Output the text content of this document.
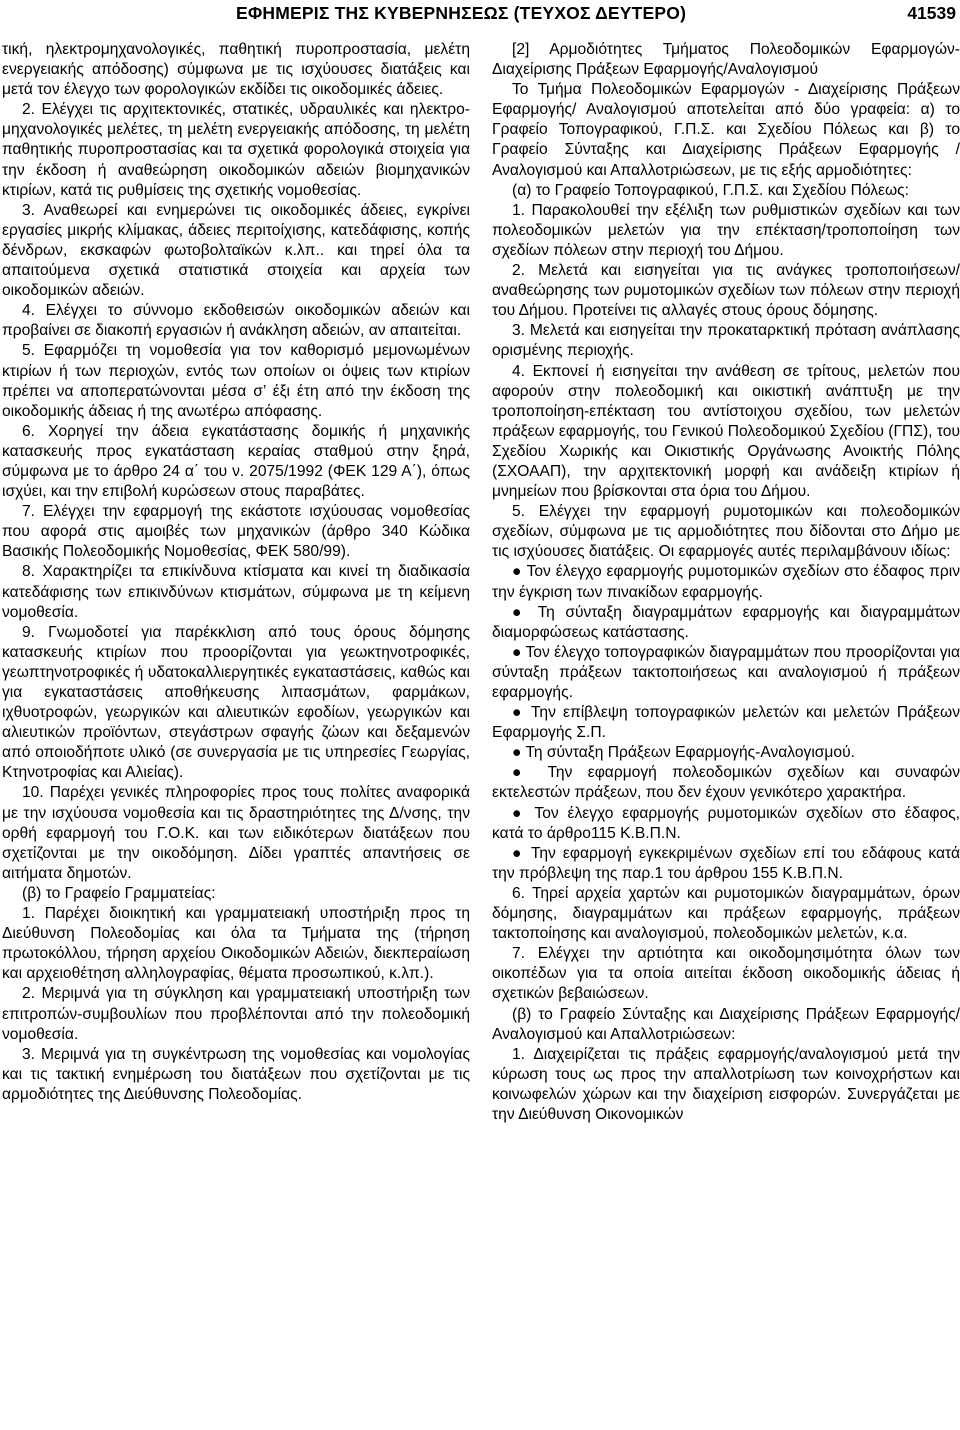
ΕΦΗΜΕΡΙΣ ΤΗΣ ΚΥΒΕΡΝΗΣΕΩΣ (ΤΕΥΧΟΣ ΔΕΥΤΕΡΟ)	41539

τική, ηλεκτρομηχανολογικές, παθητική πυροπροστασία, μελέτη ενεργειακής απόδοσης) σύμφωνα με τις ισχύουσες διατάξεις και μετά τον έλεγχο των φορολογικών εκδίδει τις οικοδομικές άδειες.

2. Ελέγχει τις αρχιτεκτονικές, στατικές, υδραυλικές και ηλεκτρο-μηχανολογικές μελέτες, τη μελέτη ενεργειακής απόδοσης, τη μελέτη παθητικής πυροπροστασίας και τα σχετικά φορολογικά στοιχεία για την έκδοση ή αναθεώρηση οικοδομικών αδειών βιομηχανικών κτιρίων, κατά τις ρυθμίσεις της σχετικής νομοθεσίας.

3. Αναθεωρεί και ενημερώνει τις οικοδομικές άδειες, εγκρίνει εργασίες μικρής κλίμακας, άδειες περιτοίχισης, κατεδάφισης, κοπής δένδρων, εκσκαφών φωτοβολταϊκών κ.λπ.. και τηρεί όλα τα απαιτούμενα σχετικά στατιστικά στοιχεία και αρχεία των οικοδομικών αδειών.

4. Ελέγχει το σύννομο εκδοθεισών οικοδομικών αδειών και προβαίνει σε διακοπή εργασιών ή ανάκληση αδειών, αν απαιτείται.

5. Εφαρμόζει τη νομοθεσία για τον καθορισμό μεμονωμένων κτιρίων ή των περιοχών, εντός των οποίων οι όψεις των κτιρίων πρέπει να αποπερατώνονται μέσα σ’ έξι έτη από την έκδοση της οικοδομικής άδειας ή της ανωτέρω απόφασης.

6. Χορηγεί την άδεια εγκατάστασης δομικής ή μηχανικής κατασκευής προς εγκατάσταση κεραίας σταθμού στην ξηρά, σύμφωνα με το άρθρο 24 α΄ του ν. 2075/1992 (ΦΕΚ 129 Α΄), όπως ισχύει, και την επιβολή κυρώσεων στους παραβάτες.

7. Ελέγχει την εφαρμογή της εκάστοτε ισχύουσας νομοθεσίας που αφορά στις αμοιβές των μηχανικών (άρθρο 340 Κώδικα Βασικής Πολεοδομικής Νομοθεσίας, ΦΕΚ 580/99).

8. Χαρακτηρίζει τα επικίνδυνα κτίσματα και κινεί τη διαδικασία κατεδάφισης των επικινδύνων κτισμάτων, σύμφωνα με τη κείμενη νομοθεσία.

9. Γνωμοδοτεί για παρέκκλιση από τους όρους δόμησης κατασκευής κτιρίων που προορίζονται για γεωκτηνοτροφικές, γεωπτηνοτροφικές ή υδατοκαλλιεργητικές εγκαταστάσεις, καθώς και για εγκαταστάσεις αποθήκευσης λιπασμάτων, φαρμάκων, ιχθυοτροφών, γεωργικών και αλιευτικών εφοδίων, γεωργικών και αλιευτικών προϊόντων, στεγάστρων σφαγής ζώων και δεξαμενών από οποιοδήποτε υλικό (σε συνεργασία με τις υπηρεσίες Γεωργίας, Κτηνοτροφίας και Αλιείας).

10. Παρέχει γενικές πληροφορίες προς τους πολίτες αναφορικά με την ισχύουσα νομοθεσία και τις δραστηριότητες της Δ/νσης, την ορθή εφαρμογή του Γ.Ο.Κ. και των ειδικότερων διατάξεων που σχετίζονται με την οικοδόμηση. Δίδει γραπτές απαντήσεις σε αιτήματα δημοτών.

(β) το Γραφείο Γραμματείας:

1. Παρέχει διοικητική και γραμματειακή υποστήριξη προς τη Διεύθυνση Πολεοδομίας και όλα τα Τμήματα της (τήρηση πρωτοκόλλου, τήρηση αρχείου Οικοδομικών Αδειών, διεκπεραίωση και αρχειοθέτηση αλληλογραφίας, θέματα προσωπικού, κ.λπ.).

2. Μεριμνά για τη σύγκληση και γραμματειακή υποστήριξη των επιτροπών-συμβουλίων που προβλέπονται από την πολεοδομική νομοθεσία.

3. Μεριμνά για τη συγκέντρωση της νομοθεσίας και νομολογίας και τις τακτική ενημέρωση του διατάξεων που σχετίζονται με τις αρμοδιότητες της Διεύθυνσης Πολεοδομίας.

[2] Αρμοδιότητες Τμήματος Πολεοδομικών Εφαρμογών-Διαχείρισης Πράξεων Εφαρμογής/Αναλογισμού

Το Τμήμα Πολεοδομικών Εφαρμογών - Διαχείρισης Πράξεων Εφαρμογής/ Αναλογισμού αποτελείται από δύο γραφεία: α) το Γραφείο Τοπογραφικού, Γ.Π.Σ. και Σχεδίου Πόλεως και β) το Γραφείο Σύνταξης και Διαχείρισης Πράξεων Εφαρμογής / Αναλογισμού και Απαλλοτριώσεων, με τις εξής αρμοδιότητες:

(α) το Γραφείο Τοπογραφικού, Γ.Π.Σ. και Σχεδίου Πόλεως:

1. Παρακολουθεί την εξέλιξη των ρυθμιστικών σχεδίων και των πολεοδομικών μελετών για την επέκταση/τροποποίηση των σχεδίων πόλεων στην περιοχή του Δήμου.

2. Μελετά και εισηγείται για τις ανάγκες τροποποιήσεων/αναθεώρησης των ρυμοτομικών σχεδίων των πόλεων στην περιοχή του Δήμου. Προτείνει τις αλλαγές στους όρους δόμησης.

3. Μελετά και εισηγείται την προκαταρκτική πρόταση ανάπλασης ορισμένης περιοχής.

4. Εκπονεί ή εισηγείται την ανάθεση σε τρίτους, μελετών που αφορούν στην πολεοδομική και οικιστική ανάπτυξη με την τροποποίηση-επέκταση του αντίστοιχου σχεδίου, των μελετών πράξεων εφαρμογής, του Γενικού Πολεοδομικού Σχεδίου (ΓΠΣ), του Σχεδίου Χωρικής και Οικιστικής Οργάνωσης Ανοικτής Πόλης (ΣΧΟΑΑΠ), την αρχιτεκτονική μορφή και ανάδειξη κτιρίων ή μνημείων που βρίσκονται στα όρια του Δήμου.

5. Ελέγχει την εφαρμογή ρυμοτομικών και πολεοδομικών σχεδίων, σύμφωνα με τις αρμοδιότητες που δίδονται στο Δήμο με τις ισχύουσες διατάξεις. Οι εφαρμογές αυτές περιλαμβάνουν ιδίως:

● Τον έλεγχο εφαρμογής ρυμοτομικών σχεδίων στο έδαφος πριν την έγκριση των πινακίδων εφαρμογής.

● Τη σύνταξη διαγραμμάτων εφαρμογής και διαγραμμάτων διαμορφώσεως κατάστασης.

● Τον έλεγχο τοπογραφικών διαγραμμάτων που προορίζονται για σύνταξη πράξεων τακτοποιήσεως και αναλογισμού ή πράξεων εφαρμογής.

● Την επίβλεψη τοπογραφικών μελετών και μελετών Πράξεων Εφαρμογής Σ.Π.

● Τη σύνταξη Πράξεων Εφαρμογής-Αναλογισμού.

● Την εφαρμογή πολεοδομικών σχεδίων και συναφών εκτελεστών πράξεων, που δεν έχουν γενικότερο χαρακτήρα.

● Τον έλεγχο εφαρμογής ρυμοτομικών σχεδίων στο έδαφος, κατά το άρθρο115 Κ.Β.Π.Ν.

● Την εφαρμογή εγκεκριμένων σχεδίων επί του εδάφους κατά την πρόβλεψη της παρ.1 του άρθρου 155 Κ.Β.Π.Ν.

6. Τηρεί αρχεία χαρτών και ρυμοτομικών διαγραμμάτων, όρων δόμησης, διαγραμμάτων και πράξεων εφαρμογής, πράξεων τακτοποίησης και αναλογισμού, πολεοδομικών μελετών, κ.α.

7. Ελέγχει την αρτιότητα και οικοδομησιμότητα όλων των οικοπέδων για τα οποία αιτείται έκδοση οικοδομικής άδειας ή σχετικών βεβαιώσεων.

(β) το Γραφείο Σύνταξης και Διαχείρισης Πράξεων Εφαρμογής/Αναλογισμού και Απαλλοτριώσεων:

1. Διαχειρίζεται τις πράξεις εφαρμογής/αναλογισμού μετά την κύρωση τους ως προς την απαλλοτρίωση των κοινοχρήστων και κοινωφελών χώρων και την διαχείριση εισφορών. Συνεργάζεται με την Διεύθυνση Οικονομικών
